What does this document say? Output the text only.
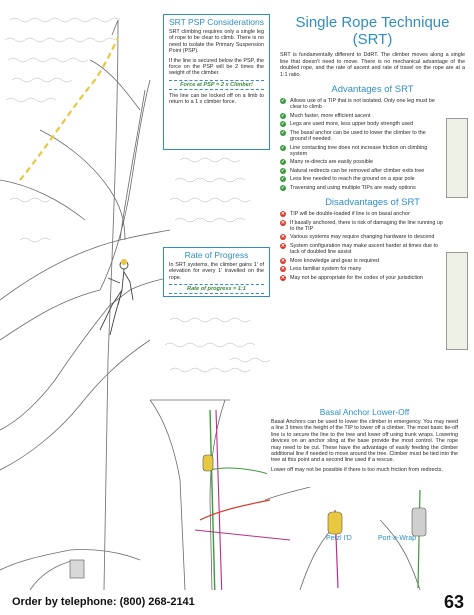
SRT PSP Considerations

SRT climbing requires only a single leg of rope to be clear to climb. There is no need to isolate the Primary Suspension Point (PSP).

If the line is secured below the PSP, the force on the PSP will be 2 times the weight of the climber.

Force at PSP = 2 x Climber!

The line can be locked off on a limb to return to a 1 x climber force.

Rate of Progress

In SRT systems, the climber gains 1' of elevation for every 1' travelled on the rope.

Rate of progress = 1:1
Single Rope Technique (SRT)

SRT is fundamentally different to DdRT. The climber moves along a single line that doesn't need to move. There is no mechanical advantage of the doubled rope, and the rate of ascent and rate of travel on the rope are at a 1:1 ratio.

Advantages of SRT
✓ Allows use of a TIP that is not isolated. Only one leg must be clear to climb
✓ Much faster, more efficient ascent
✓ Legs are used more, less upper body strength used
✓ The basal anchor can be used to lower the climber to the ground if needed.
✓ Line contacting tree does not increase friction on climbing system
✓ Many re-directs are easily possible
✓ Natural redirects can be removed after climber exits tree
✓ Less line needed to reach the ground on a spar pole
✓ Traversing and using multiple TIPs are ready options
Disadvantages of SRT
✕ TIP will be double-loaded if line is on basal anchor
✕ If basally anchored, there is risk of damaging the line running up to the TIP
✕ Various systems may require changing hardware to descend
✕ System configuration may make ascent harder at times due to lack of doubled line assist
✕ More knowledge and gear is required
✕ Less familiar system for many
✕ May not be appropriate for the codes of your jurisdiction
Basal Anchor Lower-Off

Basal Anchors can be used to lower the climber in emergency. You may need a line 3 times the height of the TIP to lower off a climber. The most basic tie-off line is to secure the line to the tree and lower off using trunk wraps. Lowering devices on an anchor sling at the base provide the most control. The rope may need to be cut. These have the advantage of easily feeding the climber additional line if needed to move around the tree. Climber must be tied into the tree at this point and a second line used if a rescue.

Lower off may not be possible if there is too much friction from redirects.

Petzl I'D	Port-a-Wrap
Order by telephone: (800) 268-2141	63
